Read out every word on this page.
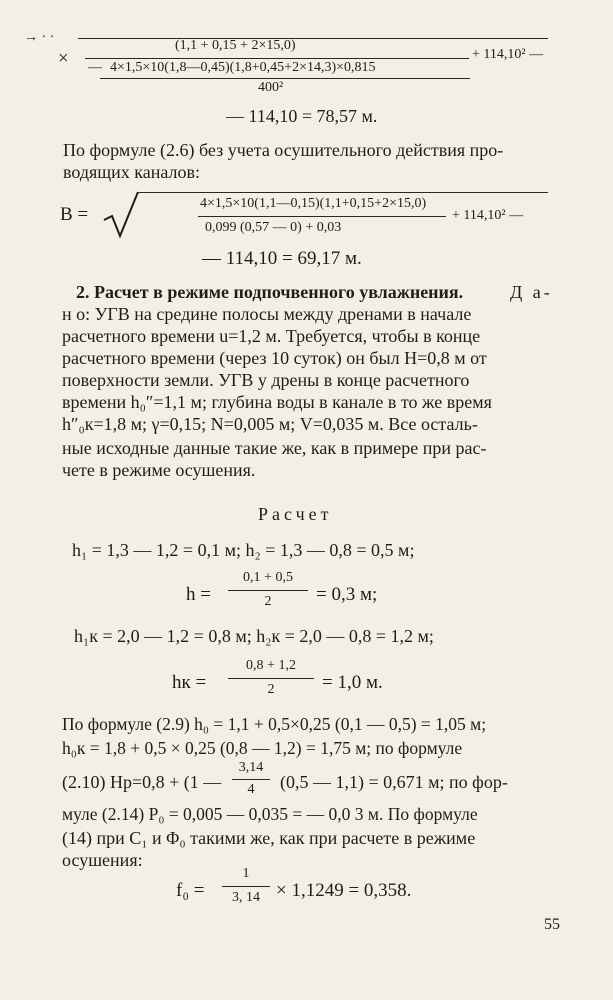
→ · ·
×
(1,1 + 0,15 + 2×15,0)
— 4×1,5×10(1,8—0,45)(1,8+0,45+2×14,3)×0,815
400²
+ 114,10² —
— 114,10 = 78,57 м.
По формуле (2.6) без учета осушительного действия про-
водящих каналов:
B =
4×1,5×10(1,1—0,15)(1,1+0,15+2×15,0)
0,099 (0,57 — 0) + 0,03
+ 114,10² —
— 114,10 = 69,17 м.
2. Расчет в режиме подпочвенного увлажнения.	Д а-
н о: УГВ на средине полосы между дренами в начале
расчетного времени u=1,2 м. Требуется, чтобы в конце
расчетного времени (через 10 суток) он был H=0,8 м от
поверхности земли. УГВ у дрены в конце расчетного
времени h₀″=1,1 м; глубина воды в канале в то же время
h″₀к=1,8 м; γ=0,15; N=0,005 м; V=0,035 м. Все осталь-
ные исходные данные такие же, как в примере при рас-
чете в режиме осушения.
Расчет
h₁ = 1,3 — 1,2 = 0,1 м; h₂ = 1,3 — 0,8 = 0,5 м;
h =
0,1 + 0,5
2	= 0,3 м;
h₁к = 2,0 — 1,2 = 0,8 м; h₂к = 2,0 — 0,8 = 1,2 м;
hк =
0,8 + 1,2
2	= 1,0 м.
По формуле (2.9) h₀ = 1,1 + 0,5×0,25 (0,1 — 0,5) = 1,05 м;
h₀к = 1,8 + 0,5 × 0,25 (0,8 — 1,2) = 1,75 м; по формуле
(2.10) Hр=0,8 + (1 —
3,14
4	(0,5 — 1,1) = 0,671 м; по фор-
муле (2.14) P₀ = 0,005 — 0,035 = — 0,0 3 м. По формуле
(14) при C₁ и Φ₀ такими же, как при расчете в режиме
осушения:
f₀ =
1
3, 14 × 1,1249 = 0,358.
55
